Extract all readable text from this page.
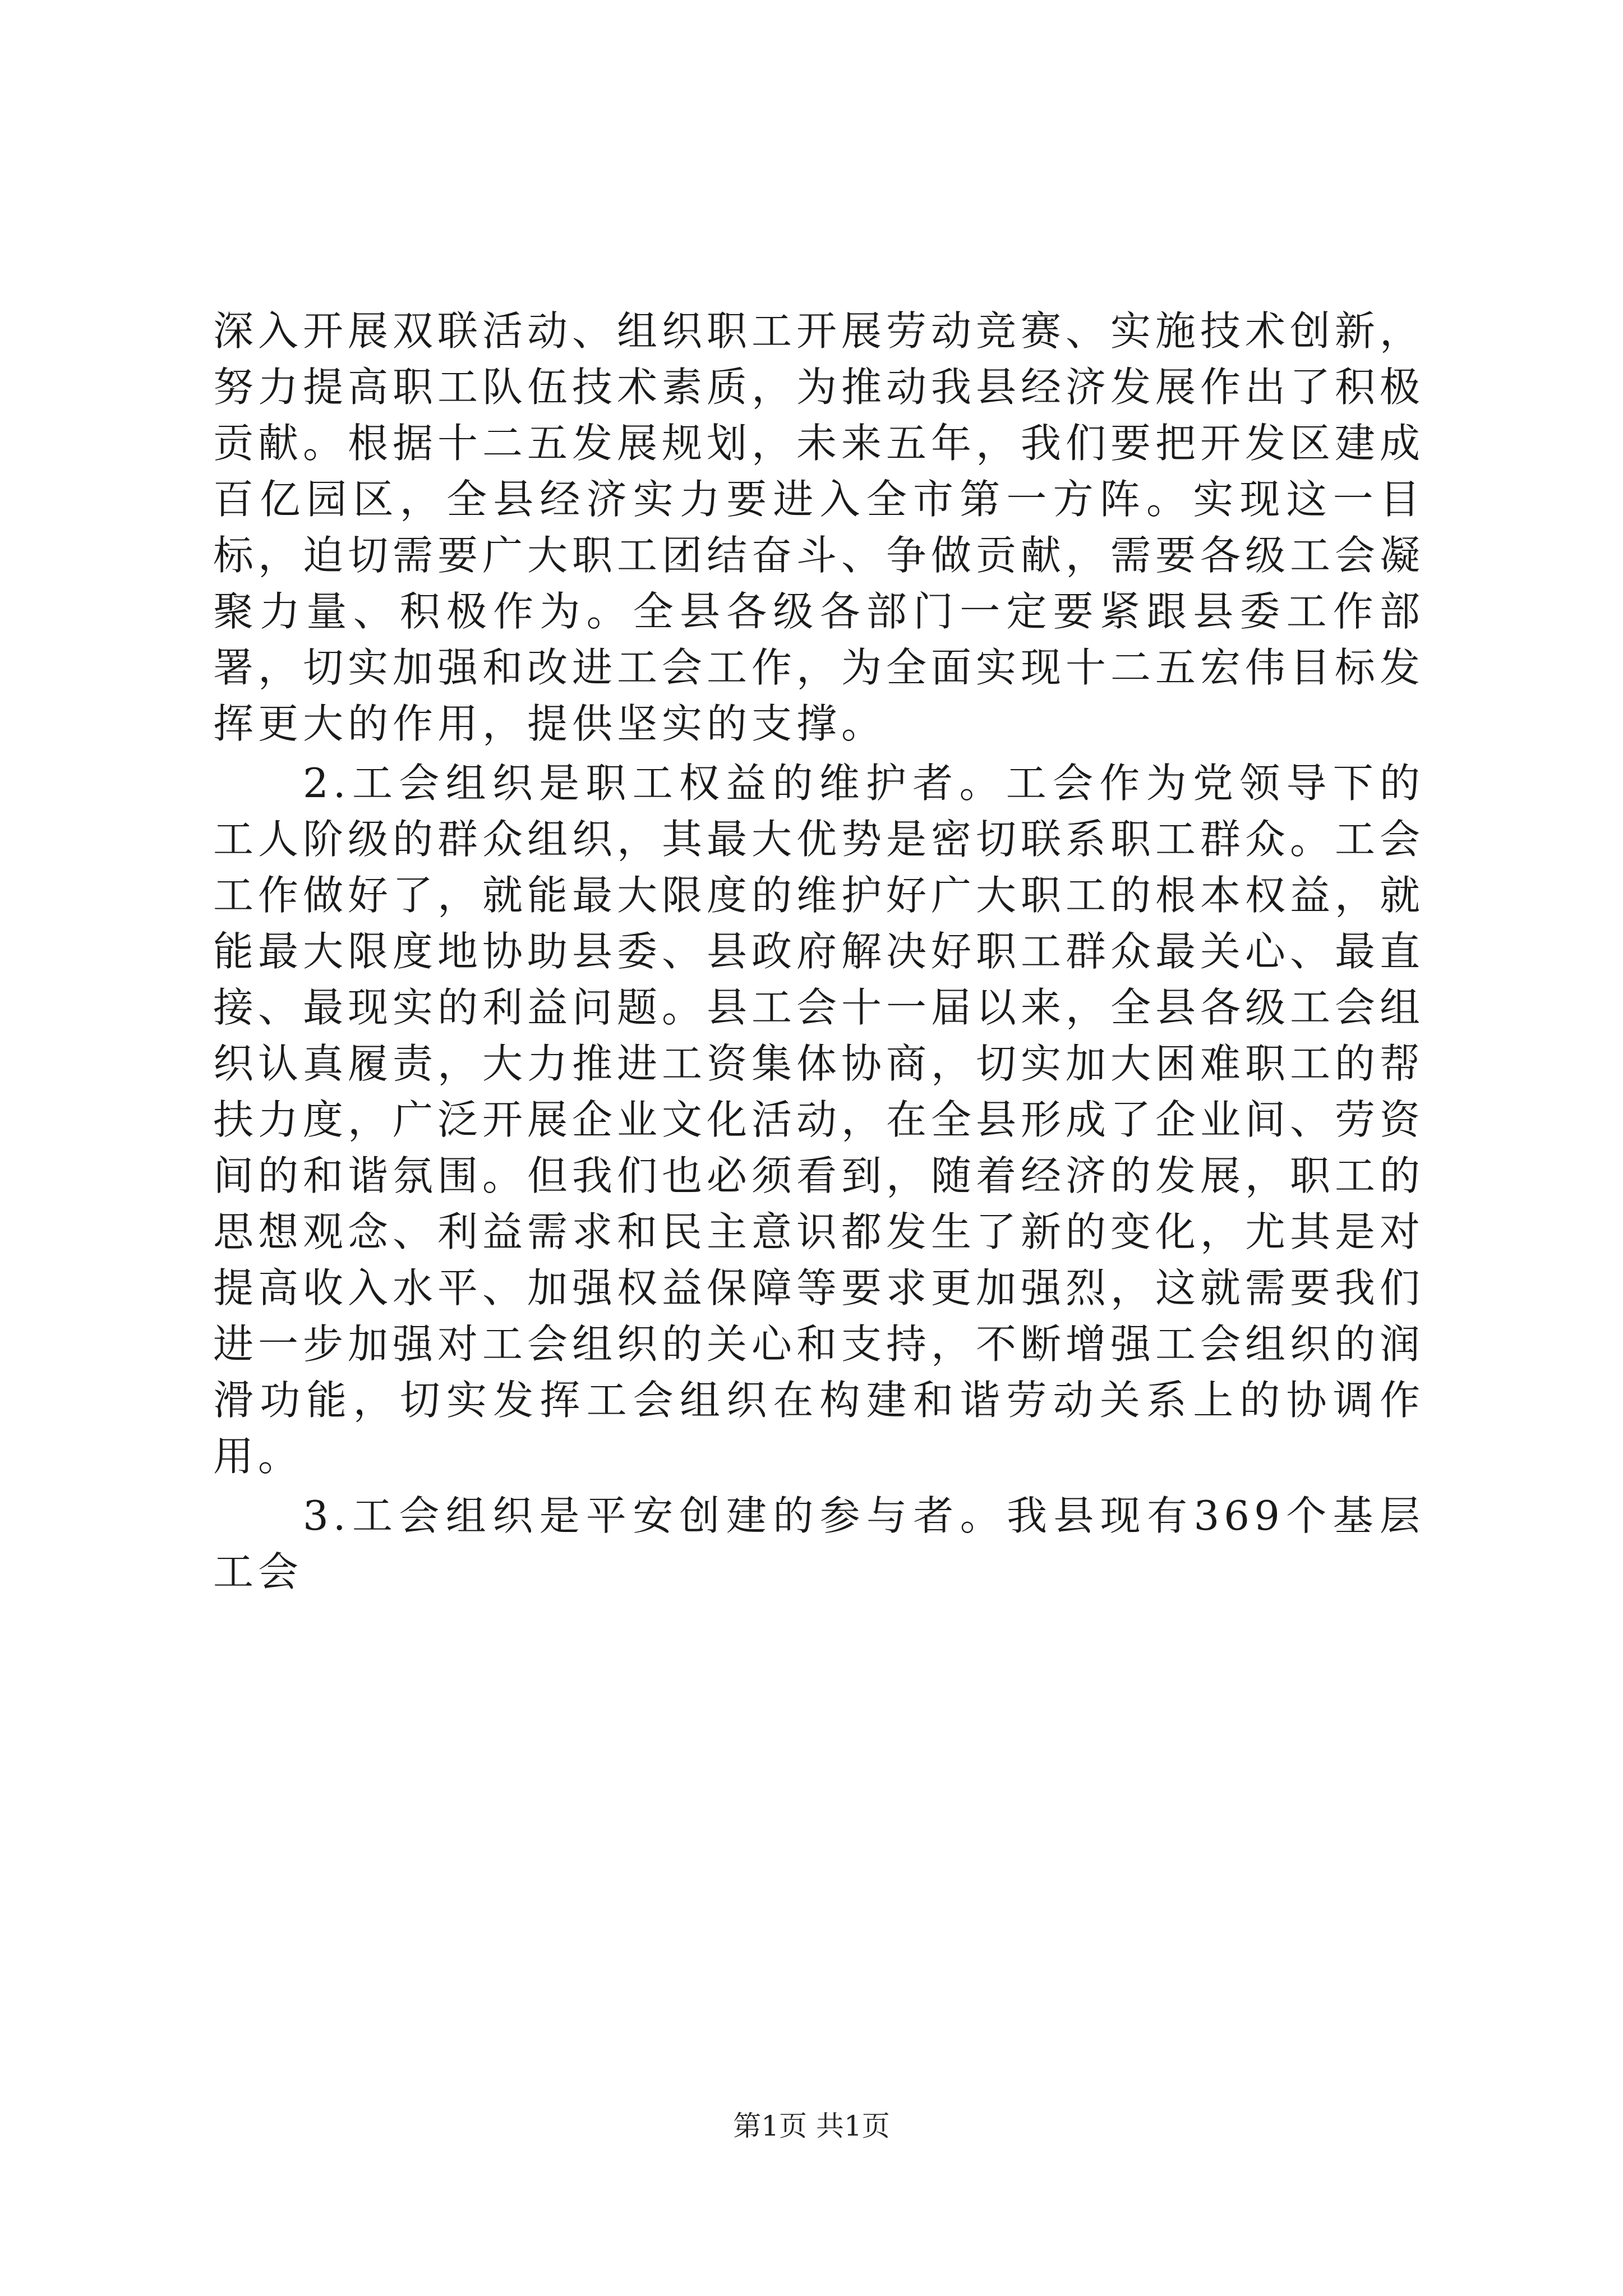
深入开展双联活动、组织职工开展劳动竞赛、实施技术创新，努力提高职工队伍技术素质，为推动我县经济发展作出了积极贡献。根据十二五发展规划，未来五年，我们要把开发区建成百亿园区，全县经济实力要进入全市第一方阵。实现这一目标，迫切需要广大职工团结奋斗、争做贡献，需要各级工会凝聚力量、积极作为。全县各级各部门一定要紧跟县委工作部署，切实加强和改进工会工作，为全面实现十二五宏伟目标发挥更大的作用，提供坚实的支撑。

2.工会组织是职工权益的维护者。工会作为党领导下的工人阶级的群众组织，其最大优势是密切联系职工群众。工会工作做好了，就能最大限度的维护好广大职工的根本权益，就能最大限度地协助县委、县政府解决好职工群众最关心、最直接、最现实的利益问题。县工会十一届以来，全县各级工会组织认真履责，大力推进工资集体协商，切实加大困难职工的帮扶力度，广泛开展企业文化活动，在全县形成了企业间、劳资间的和谐氛围。但我们也必须看到，随着经济的发展，职工的思想观念、利益需求和民主意识都发生了新的变化，尤其是对提高收入水平、加强权益保障等要求更加强烈，这就需要我们进一步加强对工会组织的关心和支持，不断增强工会组织的润滑功能，切实发挥工会组织在构建和谐劳动关系上的协调作用。

3.工会组织是平安创建的参与者。我县现有369个基层工会

第1页 共1页
